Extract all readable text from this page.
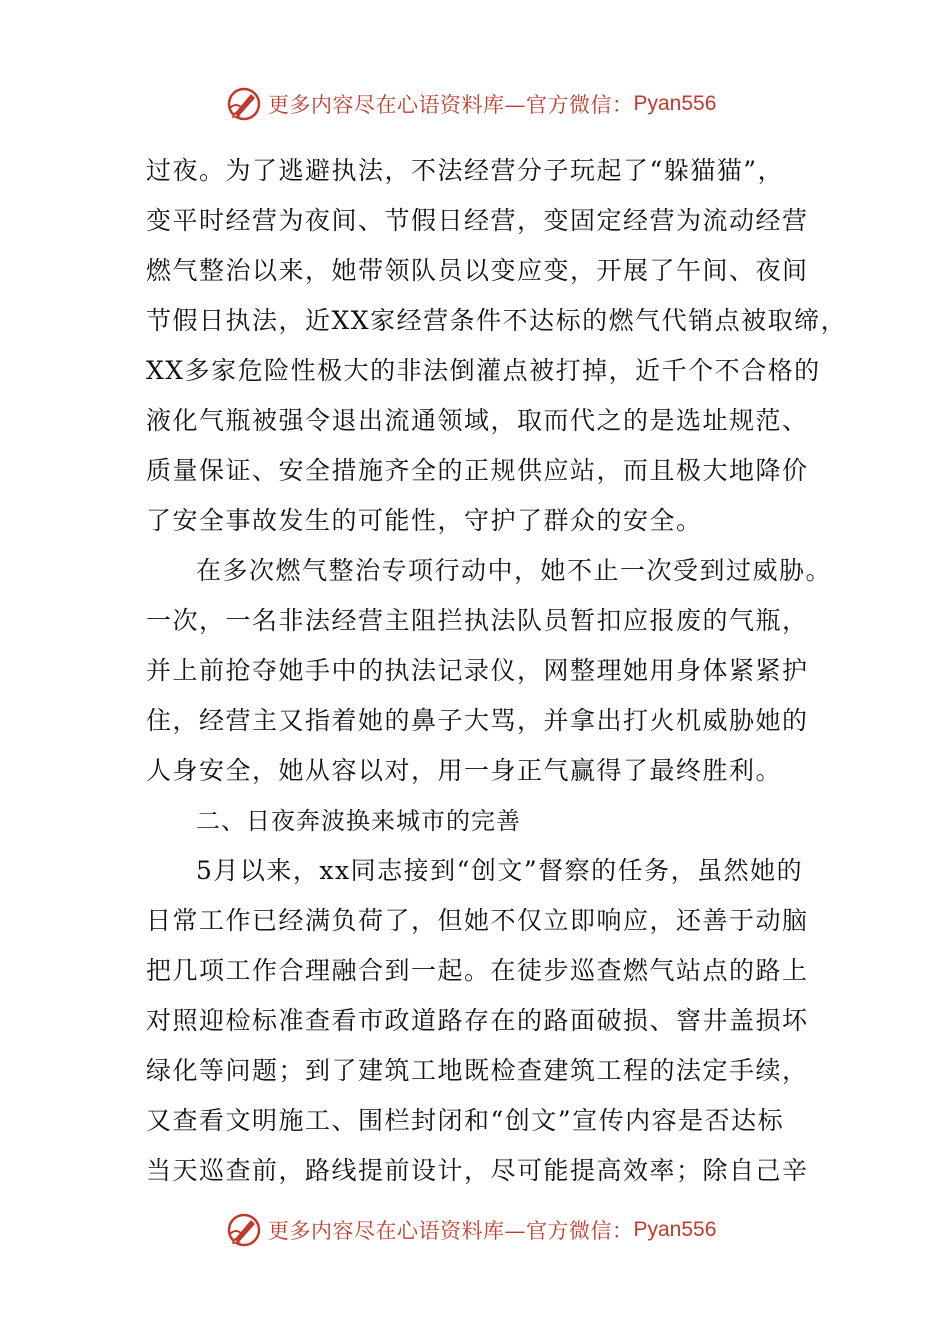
更多内容尽在心语资料库—官方微信： Pyan556
过夜。为了逃避执法，不法经营分子玩起了“躲猫猫”，
变平时经营为夜间、节假日经营，变固定经营为流动经营
燃气整治以来，她带领队员以变应变，开展了午间、夜间
节假日执法，近XX家经营条件不达标的燃气代销点被取缔，
XX多家危险性极大的非法倒灌点被打掉，近千个不合格的
液化气瓶被强令退出流通领域，取而代之的是选址规范、
质量保证、安全措施齐全的正规供应站，而且极大地降价
了安全事故发生的可能性，守护了群众的安全。
在多次燃气整治专项行动中，她不止一次受到过威胁。
一次，一名非法经营主阻拦执法队员暂扣应报废的气瓶，
并上前抢夺她手中的执法记录仪，网整理她用身体紧紧护
住，经营主又指着她的鼻子大骂，并拿出打火机威胁她的
人身安全，她从容以对，用一身正气赢得了最终胜利。
二、日夜奔波换来城市的完善
5月以来，xx同志接到“创文”督察的任务，虽然她的
日常工作已经满负荷了，但她不仅立即响应，还善于动脑
把几项工作合理融合到一起。在徒步巡查燃气站点的路上
对照迎检标准查看市政道路存在的路面破损、窨井盖损坏
绿化等问题；到了建筑工地既检查建筑工程的法定手续，
又查看文明施工、围栏封闭和“创文”宣传内容是否达标
当天巡查前，路线提前设计，尽可能提高效率；除自己辛
更多内容尽在心语资料库—官方微信： Pyan556
